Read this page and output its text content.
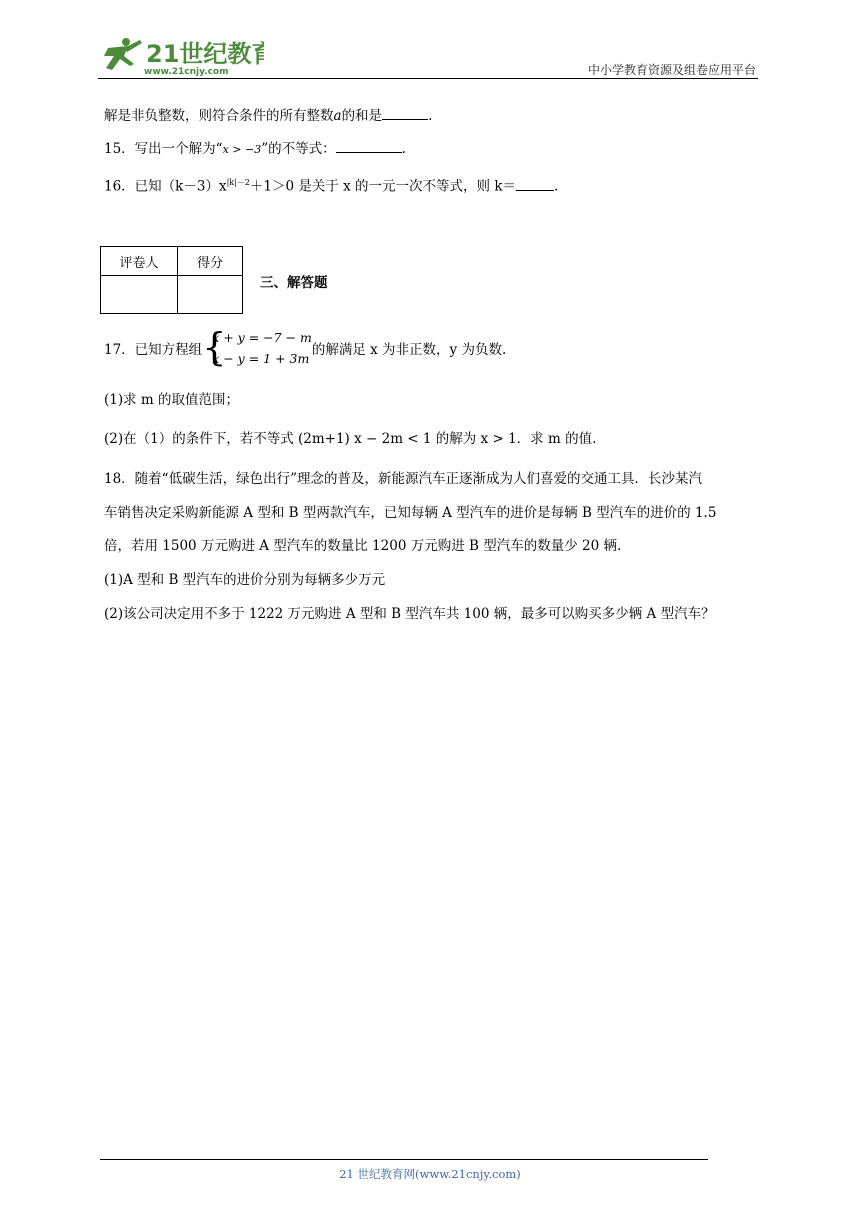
21世纪教育
www.21cnjy.com	中小学教育资源及组卷应用平台
解是非负整数，则符合条件的所有整数a的和是	.
15．写出一个解为“x > −3”的不等式：	.
16．已知$(k-3)x^{|k|-2}+1>0$ 是关于 x 的一元一次不等式，则 k＝	.
评卷人	得分

三、解答题
17．已知方程组 {
x + y = −7 − m
x − y = 1 + 3m
的解满足 x 为非正数，y 为负数.
(1)求 m 的取值范围；
(2)在（1）的条件下，若不等式 (2m+1) x − 2m < 1 的解为 x > 1．求 m 的值.
18．随着“低碳生活，绿色出行”理念的普及，新能源汽车正逐渐成为人们喜爱的交通工具．长沙某汽
车销售决定采购新能源 A 型和 B 型两款汽车，已知每辆 A 型汽车的进价是每辆 B 型汽车的进价的 1.5
倍，若用 1500 万元购进 A 型汽车的数量比 1200 万元购进 B 型汽车的数量少 20 辆.
(1)A 型和 B 型汽车的进价分别为每辆多少万元
(2)该公司决定用不多于 1222 万元购进 A 型和 B 型汽车共 100 辆，最多可以购买多少辆 A 型汽车？
21 世纪教育网(www.21cnjy.com)
